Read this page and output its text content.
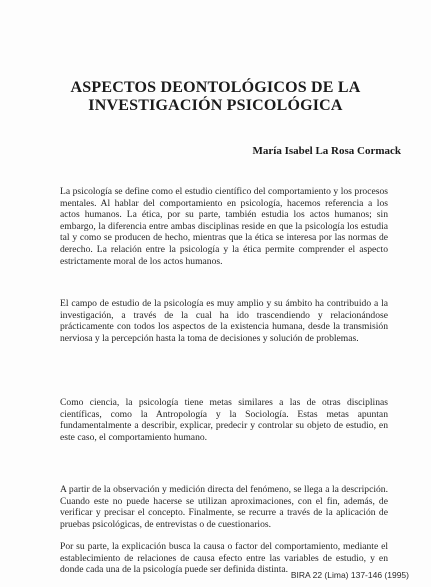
ASPECTOS DEONTOLÓGICOS DE LA
INVESTIGACIÓN PSICOLÓGICA

María Isabel La Rosa Cormack

La psicología se define como el estudio científico del comportamiento y los procesos mentales. Al hablar del comportamiento en psicología, hacemos referencia a los actos humanos. La ética, por su parte, también estudia los actos humanos; sin embargo, la diferencia entre ambas disciplinas reside en que la psicología los estudia tal y como se producen de hecho, mientras que la ética se interesa por las normas de derecho. La relación entre la psicología y la ética permite comprender el aspecto estrictamente moral de los actos humanos.

El campo de estudio de la psicología es muy amplio y su ámbito ha contribuido a la investigación, a través de la cual ha ido trascendiendo y relacionándose prácticamente con todos los aspectos de la existencia humana, desde la transmisión nerviosa y la percepción hasta la toma de decisiones y solución de problemas.

Como ciencia, la psicología tiene metas similares a las de otras disciplinas científicas, como la Antropología y la Sociología. Estas metas apuntan fundamentalmente a describir, explicar, predecir y controlar su objeto de estudio, en este caso, el comportamiento humano.

A partir de la observación y medición directa del fenómeno, se llega a la descripción. Cuando este no puede hacerse se utilizan aproximaciones, con el fin, además, de verificar y precisar el concepto. Finalmente, se recurre a través de la aplicación de pruebas psicológicas, de entrevistas o de cuestionarios.

Por su parte, la explicación busca la causa o factor del comportamiento, mediante el establecimiento de relaciones de causa efecto entre las variables de estudio, y en donde cada una de la psicología puede ser definida distinta. BIRA 22 (Lima) 137-146 (1995)
